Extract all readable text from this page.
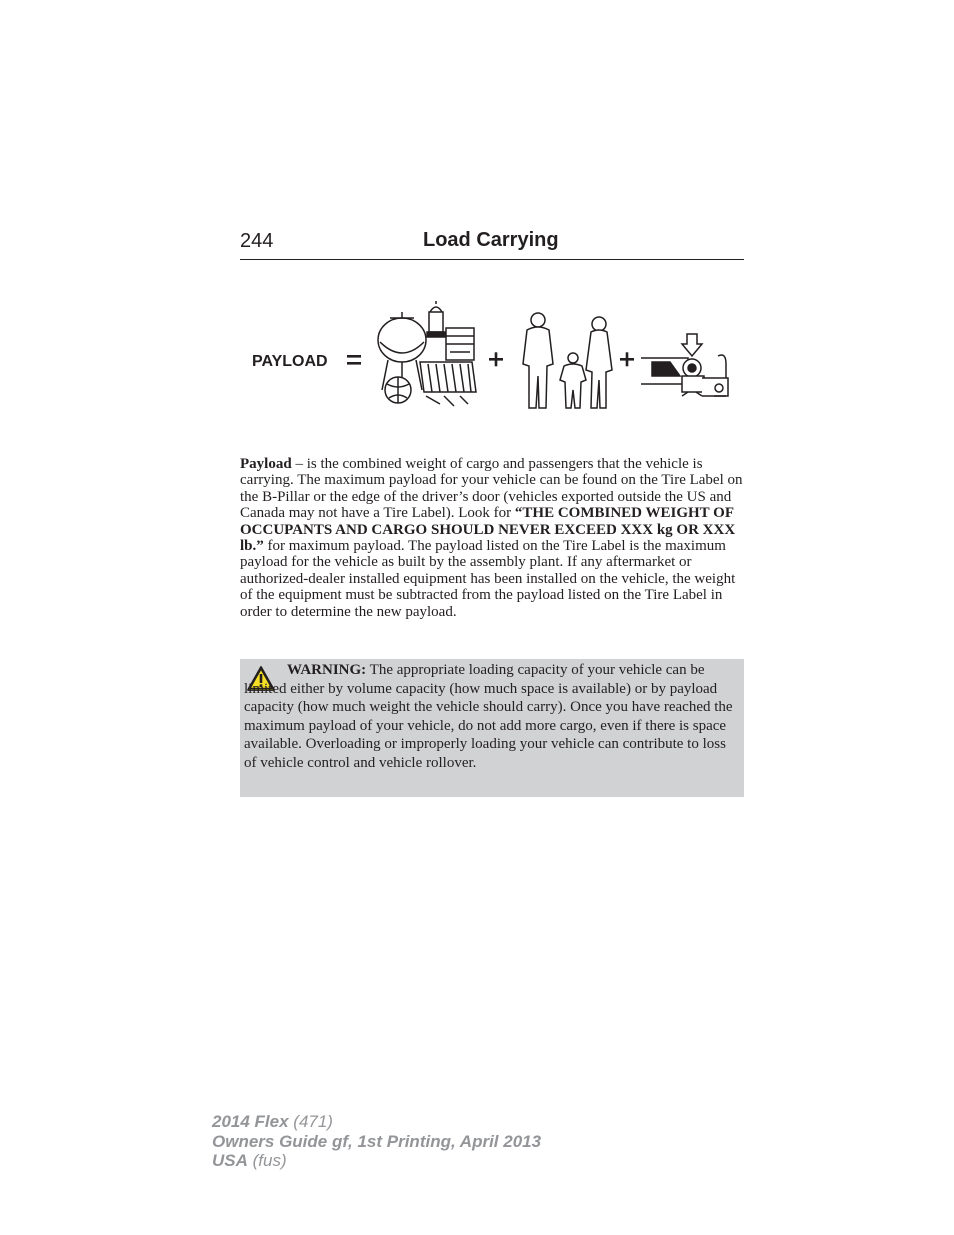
244	Load Carrying
PAYLOAD

Payload – is the combined weight of cargo and passengers that the vehicle is carrying. The maximum payload for your vehicle can be found on the Tire Label on the B-Pillar or the edge of the driver’s door (vehicles exported outside the US and Canada may not have a Tire Label). Look for “THE COMBINED WEIGHT OF OCCUPANTS AND CARGO SHOULD NEVER EXCEED XXX kg OR XXX lb.” for maximum payload. The payload listed on the Tire Label is the maximum payload for the vehicle as built by the assembly plant. If any aftermarket or authorized-dealer installed equipment has been installed on the vehicle, the weight of the equipment must be subtracted from the payload listed on the Tire Label in order to determine the new payload.

WARNING: The appropriate loading capacity of your vehicle can be limited either by volume capacity (how much space is available) or by payload capacity (how much weight the vehicle should carry). Once you have reached the maximum payload of your vehicle, do not add more cargo, even if there is space available. Overloading or improperly loading your vehicle can contribute to loss of vehicle control and vehicle rollover.

2014 Flex (471)
Owners Guide gf, 1st Printing, April 2013
USA (fus)
